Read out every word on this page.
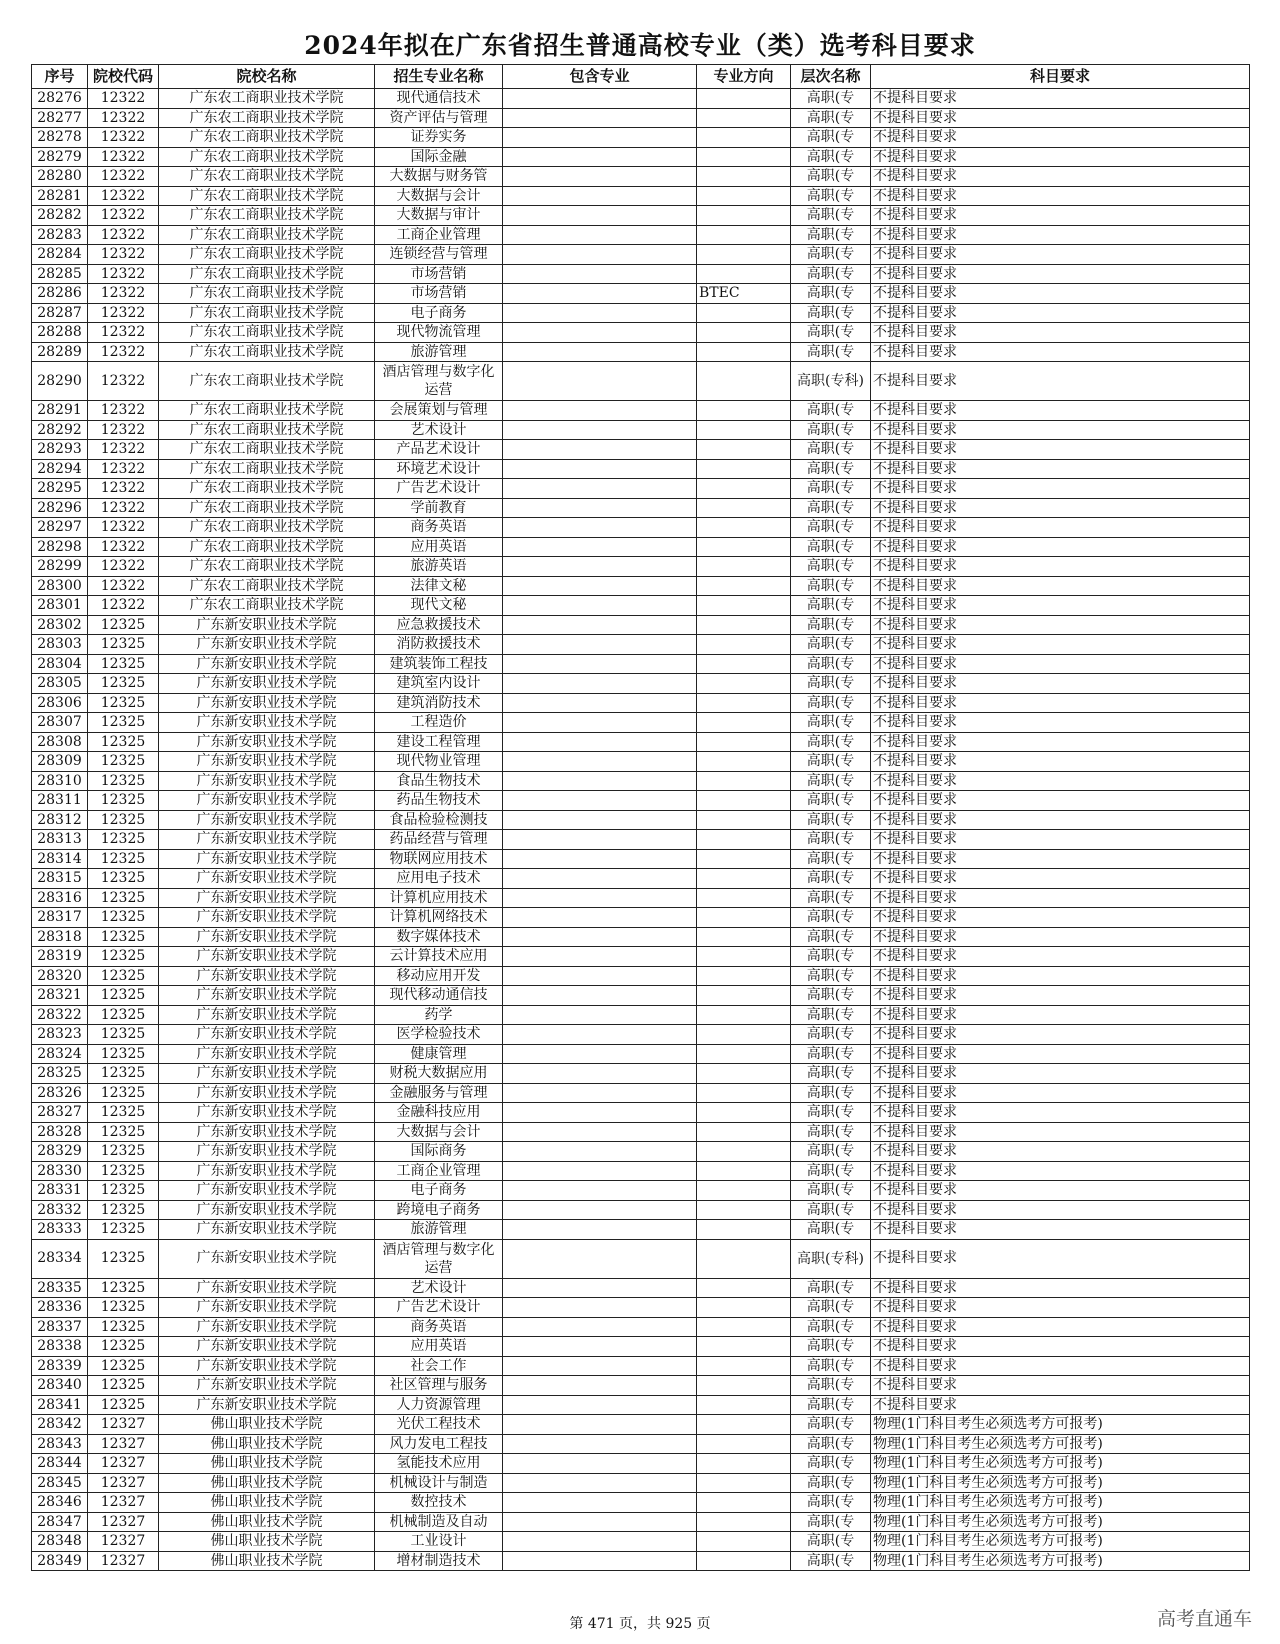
2024年拟在广东省招生普通高校专业（类）选考科目要求
序号	院校代码	院校名称	招生专业名称	包含专业	专业方向	层次名称	科目要求
28276	12322	广东农工商职业技术学院	现代通信技术			高职(专	不提科目要求
28277	12322	广东农工商职业技术学院	资产评估与管理			高职(专	不提科目要求
28278	12322	广东农工商职业技术学院	证券实务			高职(专	不提科目要求
28279	12322	广东农工商职业技术学院	国际金融			高职(专	不提科目要求
28280	12322	广东农工商职业技术学院	大数据与财务管			高职(专	不提科目要求
28281	12322	广东农工商职业技术学院	大数据与会计			高职(专	不提科目要求
28282	12322	广东农工商职业技术学院	大数据与审计			高职(专	不提科目要求
28283	12322	广东农工商职业技术学院	工商企业管理			高职(专	不提科目要求
28284	12322	广东农工商职业技术学院	连锁经营与管理			高职(专	不提科目要求
28285	12322	广东农工商职业技术学院	市场营销			高职(专	不提科目要求
28286	12322	广东农工商职业技术学院	市场营销		BTEC	高职(专	不提科目要求
28287	12322	广东农工商职业技术学院	电子商务			高职(专	不提科目要求
28288	12322	广东农工商职业技术学院	现代物流管理			高职(专	不提科目要求
28289	12322	广东农工商职业技术学院	旅游管理			高职(专	不提科目要求
28290	12322	广东农工商职业技术学院	酒店管理与数字化运营			高职(专科)	不提科目要求
28291	12322	广东农工商职业技术学院	会展策划与管理			高职(专	不提科目要求
28292	12322	广东农工商职业技术学院	艺术设计			高职(专	不提科目要求
28293	12322	广东农工商职业技术学院	产品艺术设计			高职(专	不提科目要求
28294	12322	广东农工商职业技术学院	环境艺术设计			高职(专	不提科目要求
28295	12322	广东农工商职业技术学院	广告艺术设计			高职(专	不提科目要求
28296	12322	广东农工商职业技术学院	学前教育			高职(专	不提科目要求
28297	12322	广东农工商职业技术学院	商务英语			高职(专	不提科目要求
28298	12322	广东农工商职业技术学院	应用英语			高职(专	不提科目要求
28299	12322	广东农工商职业技术学院	旅游英语			高职(专	不提科目要求
28300	12322	广东农工商职业技术学院	法律文秘			高职(专	不提科目要求
28301	12322	广东农工商职业技术学院	现代文秘			高职(专	不提科目要求
28302	12325	广东新安职业技术学院	应急救援技术			高职(专	不提科目要求
28303	12325	广东新安职业技术学院	消防救援技术			高职(专	不提科目要求
28304	12325	广东新安职业技术学院	建筑装饰工程技			高职(专	不提科目要求
28305	12325	广东新安职业技术学院	建筑室内设计			高职(专	不提科目要求
28306	12325	广东新安职业技术学院	建筑消防技术			高职(专	不提科目要求
28307	12325	广东新安职业技术学院	工程造价			高职(专	不提科目要求
28308	12325	广东新安职业技术学院	建设工程管理			高职(专	不提科目要求
28309	12325	广东新安职业技术学院	现代物业管理			高职(专	不提科目要求
28310	12325	广东新安职业技术学院	食品生物技术			高职(专	不提科目要求
28311	12325	广东新安职业技术学院	药品生物技术			高职(专	不提科目要求
28312	12325	广东新安职业技术学院	食品检验检测技			高职(专	不提科目要求
28313	12325	广东新安职业技术学院	药品经营与管理			高职(专	不提科目要求
28314	12325	广东新安职业技术学院	物联网应用技术			高职(专	不提科目要求
28315	12325	广东新安职业技术学院	应用电子技术			高职(专	不提科目要求
28316	12325	广东新安职业技术学院	计算机应用技术			高职(专	不提科目要求
28317	12325	广东新安职业技术学院	计算机网络技术			高职(专	不提科目要求
28318	12325	广东新安职业技术学院	数字媒体技术			高职(专	不提科目要求
28319	12325	广东新安职业技术学院	云计算技术应用			高职(专	不提科目要求
28320	12325	广东新安职业技术学院	移动应用开发			高职(专	不提科目要求
28321	12325	广东新安职业技术学院	现代移动通信技			高职(专	不提科目要求
28322	12325	广东新安职业技术学院	药学			高职(专	不提科目要求
28323	12325	广东新安职业技术学院	医学检验技术			高职(专	不提科目要求
28324	12325	广东新安职业技术学院	健康管理			高职(专	不提科目要求
28325	12325	广东新安职业技术学院	财税大数据应用			高职(专	不提科目要求
28326	12325	广东新安职业技术学院	金融服务与管理			高职(专	不提科目要求
28327	12325	广东新安职业技术学院	金融科技应用			高职(专	不提科目要求
28328	12325	广东新安职业技术学院	大数据与会计			高职(专	不提科目要求
28329	12325	广东新安职业技术学院	国际商务			高职(专	不提科目要求
28330	12325	广东新安职业技术学院	工商企业管理			高职(专	不提科目要求
28331	12325	广东新安职业技术学院	电子商务			高职(专	不提科目要求
28332	12325	广东新安职业技术学院	跨境电子商务			高职(专	不提科目要求
28333	12325	广东新安职业技术学院	旅游管理			高职(专	不提科目要求
28334	12325	广东新安职业技术学院	酒店管理与数字化运营			高职(专科)	不提科目要求
28335	12325	广东新安职业技术学院	艺术设计			高职(专	不提科目要求
28336	12325	广东新安职业技术学院	广告艺术设计			高职(专	不提科目要求
28337	12325	广东新安职业技术学院	商务英语			高职(专	不提科目要求
28338	12325	广东新安职业技术学院	应用英语			高职(专	不提科目要求
28339	12325	广东新安职业技术学院	社会工作			高职(专	不提科目要求
28340	12325	广东新安职业技术学院	社区管理与服务			高职(专	不提科目要求
28341	12325	广东新安职业技术学院	人力资源管理			高职(专	不提科目要求
28342	12327	佛山职业技术学院	光伏工程技术			高职(专	物理(1门科目考生必须选考方可报考)
28343	12327	佛山职业技术学院	风力发电工程技			高职(专	物理(1门科目考生必须选考方可报考)
28344	12327	佛山职业技术学院	氢能技术应用			高职(专	物理(1门科目考生必须选考方可报考)
28345	12327	佛山职业技术学院	机械设计与制造			高职(专	物理(1门科目考生必须选考方可报考)
28346	12327	佛山职业技术学院	数控技术			高职(专	物理(1门科目考生必须选考方可报考)
28347	12327	佛山职业技术学院	机械制造及自动			高职(专	物理(1门科目考生必须选考方可报考)
28348	12327	佛山职业技术学院	工业设计			高职(专	物理(1门科目考生必须选考方可报考)
28349	12327	佛山职业技术学院	增材制造技术			高职(专	物理(1门科目考生必须选考方可报考)
第 471 页，共 925 页	高考直通车
